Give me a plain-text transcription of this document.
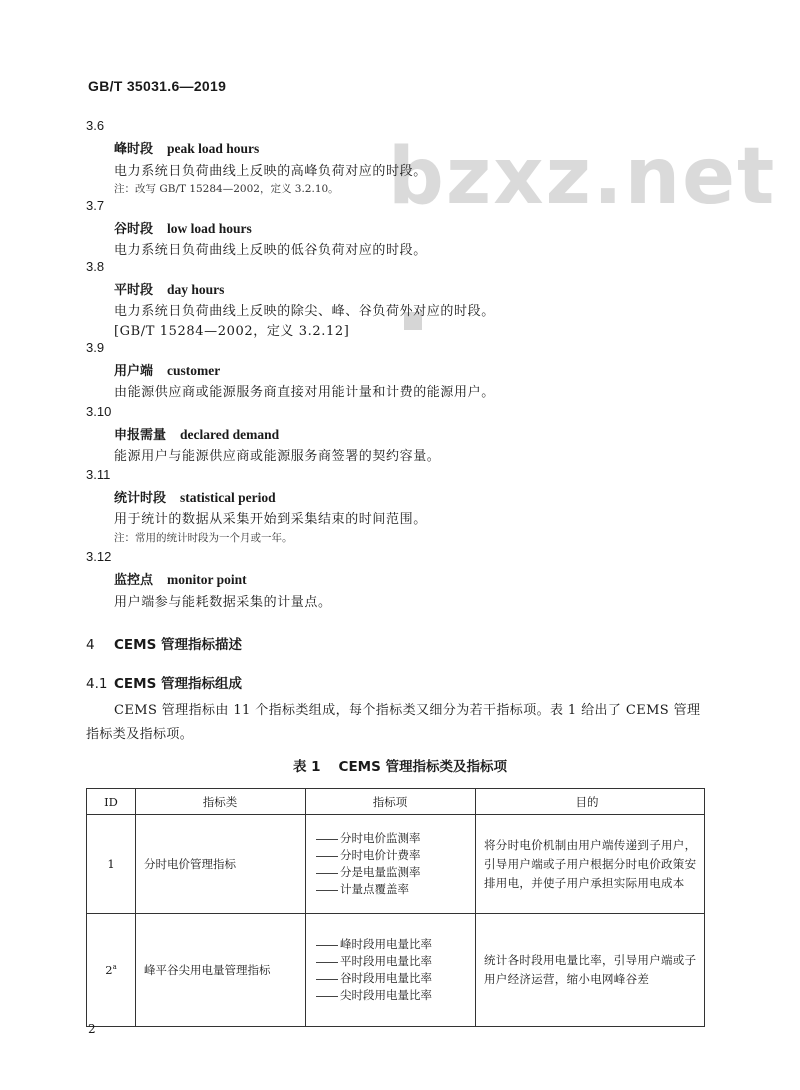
GB/T 35031.6—2019
bzxz.net
3.6
峰时段 peak load hours
电力系统日负荷曲线上反映的高峰负荷对应的时段。
注：改写 GB/T 15284—2002，定义 3.2.10。
3.7
谷时段 low load hours
电力系统日负荷曲线上反映的低谷负荷对应的时段。
3.8
平时段 day hours
电力系统日负荷曲线上反映的除尖、峰、谷负荷外对应的时段。
[GB/T 15284—2002，定义 3.2.12]
3.9
用户端 customer
由能源供应商或能源服务商直接对用能计量和计费的能源用户。
3.10
申报需量 declared demand
能源用户与能源供应商或能源服务商签署的契约容量。
3.11
统计时段 statistical period
用于统计的数据从采集开始到采集结束的时间范围。
注：常用的统计时段为一个月或一年。
3.12
监控点 monitor point
用户端参与能耗数据采集的计量点。
4 CEMS 管理指标描述
4.1 CEMS 管理指标组成
CEMS 管理指标由 11 个指标类组成，每个指标类又细分为若干指标项。表 1 给出了 CEMS 管理指标类及指标项。
表 1 CEMS 管理指标类及指标项
ID	指标类	指标项	目的
1	分时电价管理指标	分时电价监测率
分时电价计费率
分是电量监测率
计量点覆盖率	将分时电价机制由用户端传递到子用户，引导用户端或子用户根据分时电价政策安排用电，并使子用户承担实际用电成本
2$^a$	峰平谷尖用电量管理指标	峰时段用电量比率
平时段用电量比率
谷时段用电量比率
尖时段用电量比率	统计各时段用电量比率，引导用户端或子用户经济运营，缩小电网峰谷差
2
